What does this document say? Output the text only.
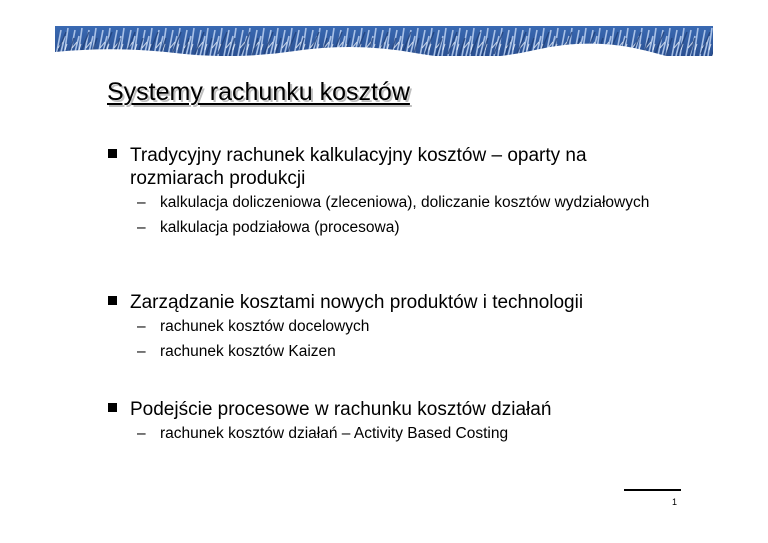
Systemy rachunku kosztów
Tradycyjny rachunek kalkulacyjny kosztów – oparty na rozmiarach produkcji
– kalkulacja doliczeniowa (zleceniowa), doliczanie kosztów wydziałowych
– kalkulacja podziałowa (procesowa)
Zarządzanie kosztami nowych produktów i technologii
– rachunek kosztów docelowych
– rachunek kosztów Kaizen
Podejście procesowe w rachunku kosztów działań
– rachunek kosztów działań – Activity Based Costing
1
